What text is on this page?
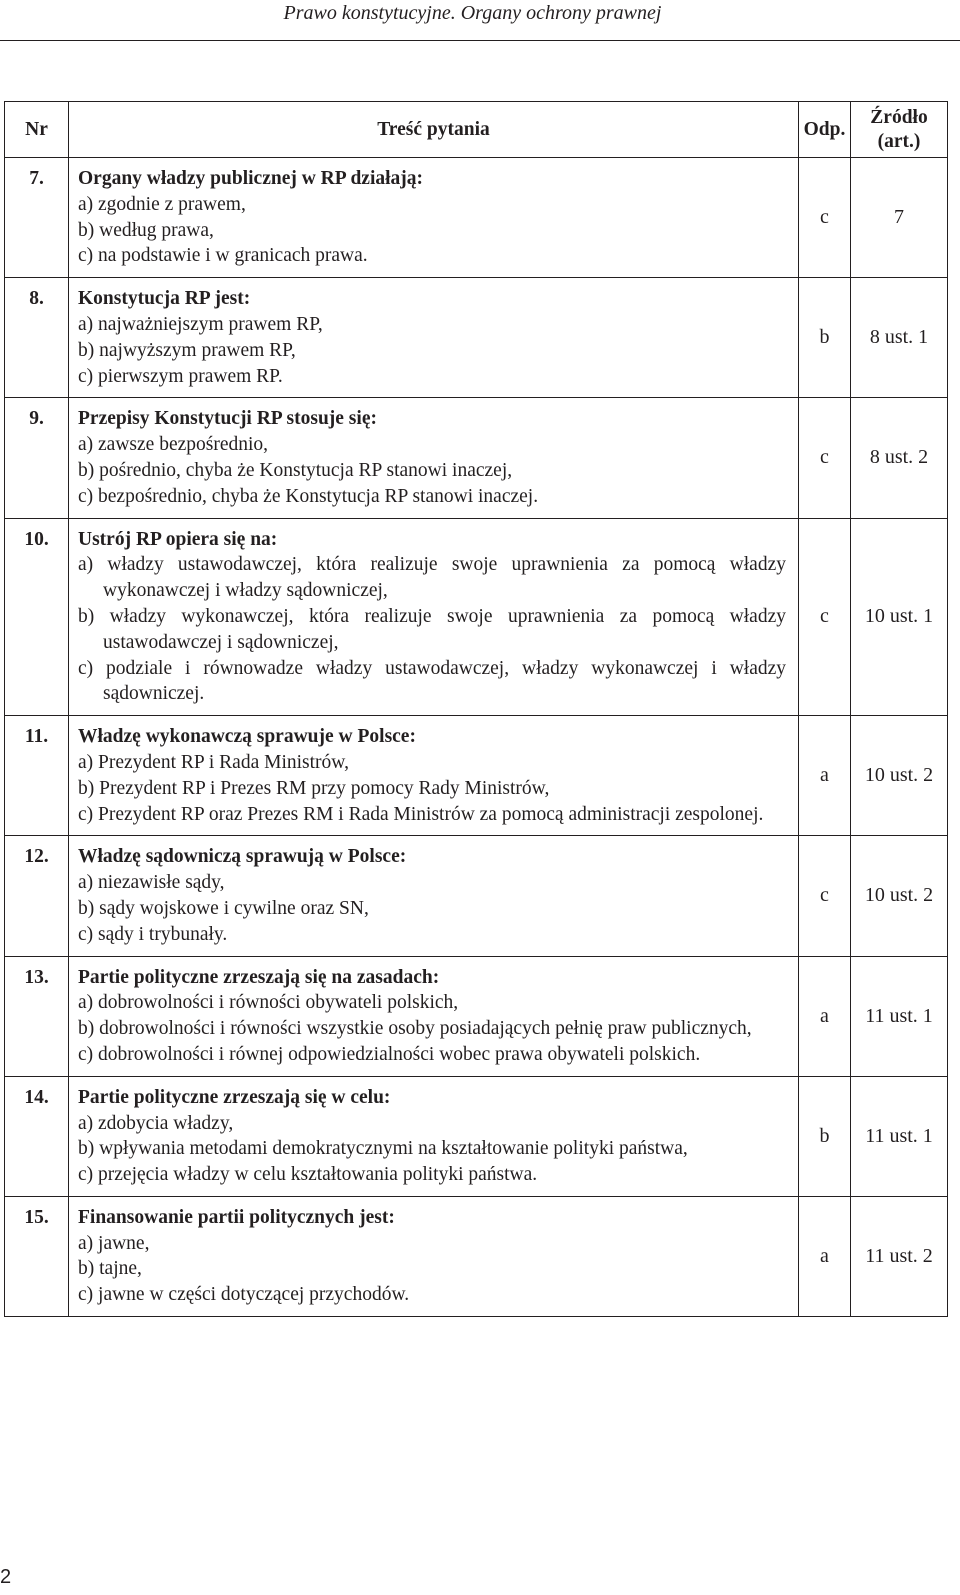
Prawo konstytucyjne. Organy ochrony prawnej
Nr	Treść pytania	Odp.	Źródło
(art.)

7.	Organy władzy publicznej w RP działają:
a) zgodnie z prawem,
b) według prawa,
c) na podstawie i w granicach prawa.	c	7
8.	Konstytucja RP jest:
a) najważniejszym prawem RP,
b) najwyższym prawem RP,
c) pierwszym prawem RP.	b	8 ust. 1
9.	Przepisy Konstytucji RP stosuje się:
a) zawsze bezpośrednio,
b) pośrednio, chyba że Konstytucja RP stanowi inaczej,
c) bezpośrednio, chyba że Konstytucja RP stanowi inaczej.	c	8 ust. 2
10.	Ustrój RP opiera się na:
a) władzy ustawodawczej, która realizuje swoje uprawnienia za pomocą władzy wykonawczej i władzy sądowniczej,
b) władzy wykonawczej, która realizuje swoje uprawnienia za pomocą władzy ustawodawczej i sądowniczej,
c) podziale i równowadze władzy ustawodawczej, władzy wykonawczej i władzy sądowniczej.	c	10 ust. 1
11.	Władzę wykonawczą sprawuje w Polsce:
a) Prezydent RP i Rada Ministrów,
b) Prezydent RP i Prezes RM przy pomocy Rady Ministrów,
c) Prezydent RP oraz Prezes RM i Rada Ministrów za pomocą administracji zespolonej.	a	10 ust. 2
12.	Władzę sądowniczą sprawują w Polsce:
a) niezawisłe sądy,
b) sądy wojskowe i cywilne oraz SN,
c) sądy i trybunały.	c	10 ust. 2
13.	Partie polityczne zrzeszają się na zasadach:
a) dobrowolności i równości obywateli polskich,
b) dobrowolności i równości wszystkie osoby posiadających pełnię praw publicznych,
c) dobrowolności i równej odpowiedzialności wobec prawa obywateli polskich.	a	11 ust. 1
14.	Partie polityczne zrzeszają się w celu:
a) zdobycia władzy,
b) wpływania metodami demokratycznymi na kształtowanie polityki państwa,
c) przejęcia władzy w celu kształtowania polityki państwa.	b	11 ust. 1
15.	Finansowanie partii politycznych jest:
a) jawne,
b) tajne,
c) jawne w części dotyczącej przychodów.	a	11 ust. 2
2
